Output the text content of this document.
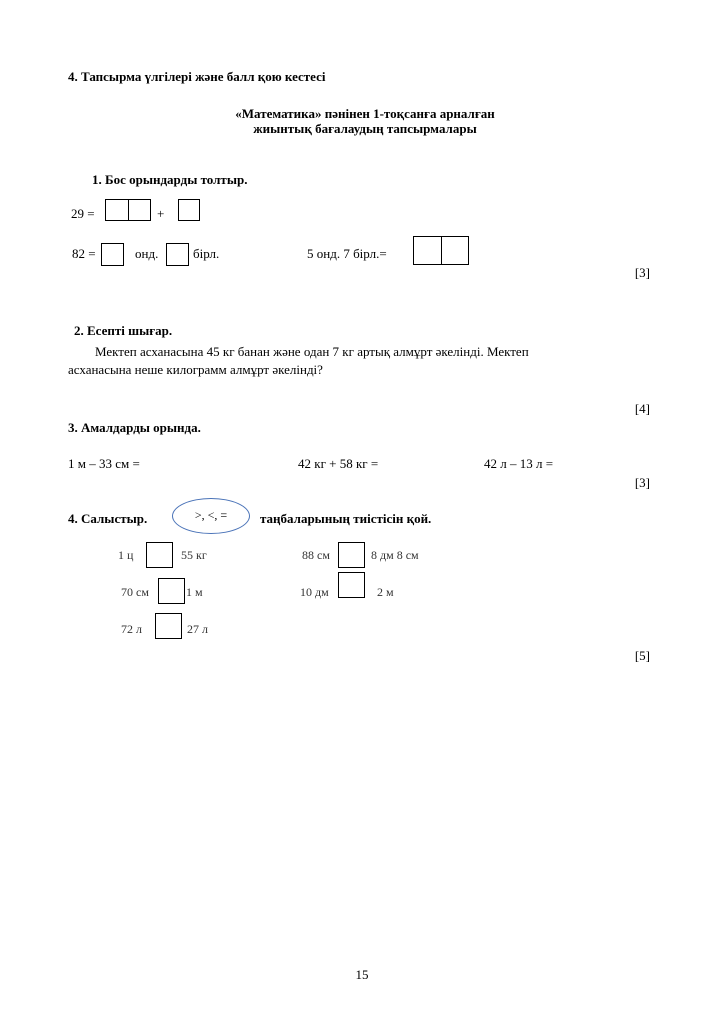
4. Тапсырма үлгілері және балл қою кестесі
«Математика» пәнінен 1-тоқсанға арналған
жиынтық бағалаудың тапсырмалары
1. Бос орындарды толтыр.
29 =	+
82 =	онд.	бірл.	5 онд. 7 бірл.=
[3]
2. Есепті шығар.
Мектеп асханасына 45 кг банан және одан 7 кг артық алмұрт әкелінді. Мектеп
асханасына неше килограмм алмұрт әкелінді?
[4]
3. Амалдарды орында.
1 м – 33 см =	42 кг + 58 кг =	42 л – 13 л =
[3]
4. Салыстыр.	>, <, =	таңбаларының тиістісін қой.
1 ц	55 кг	88 см	8 дм 8 см
70 см	1 м	10 дм	2 м
72 л	27 л
[5]
15
